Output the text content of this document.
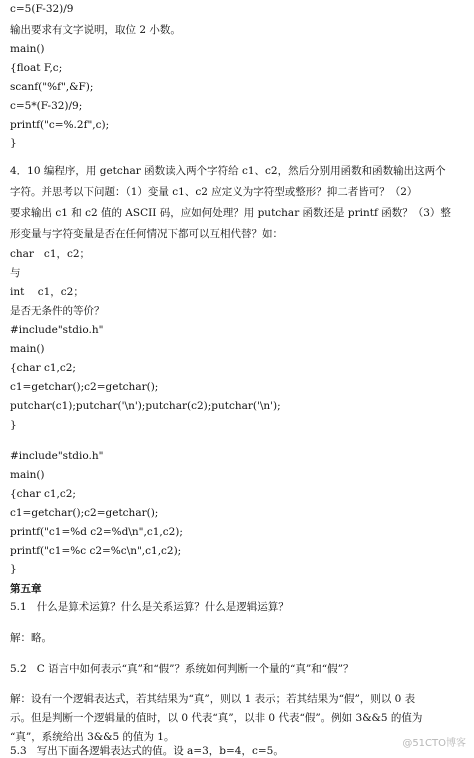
c=5(F-32)/9
输出要求有文字说明，取位 2 小数。
main()
{float F,c;
scanf("%f",&F);
c=5*(F-32)/9;
printf("c=%.2f",c);
}
4．10 编程序，用 getchar 函数读入两个字符给 c1、c2，然后分别用函数和函数输出这两个
字符。并思考以下问题：（1）变量 c1、c2 应定义为字符型或整形？抑二者皆可？（2）
要求输出 c1 和 c2 值的 ASCII 码，应如何处理？用 putchar 函数还是 printf 函数？（3）整
形变量与字符变量是否在任何情况下都可以互相代替？如：
char   c1，c2；
与
int    c1，c2；
是否无条件的等价？
#include"stdio.h"
main()
{char c1,c2;
c1=getchar();c2=getchar();
putchar(c1);putchar('\n');putchar(c2);putchar('\n');
}
#include"stdio.h"
main()
{char c1,c2;
c1=getchar();c2=getchar();
printf("c1=%d c2=%d\n",c1,c2);
printf("c1=%c c2=%c\n",c1,c2);
}
第五章
5.1   什么是算术运算？什么是关系运算？什么是逻辑运算？
解：略。
5.2   C 语言中如何表示“真”和“假”？系统如何判断一个量的“真”和“假”？
解：设有一个逻辑表达式，若其结果为“真”，则以 1 表示；若其结果为“假”，则以 0 表
示。但是判断一个逻辑量的值时，以 0 代表“真”，以非 0 代表“假”。例如 3&&5 的值为
“真”，系统给出 3&&5 的值为 1。
5.3   写出下面各逻辑表达式的值。设 a=3，b=4，c=5。
@51CTO博客
